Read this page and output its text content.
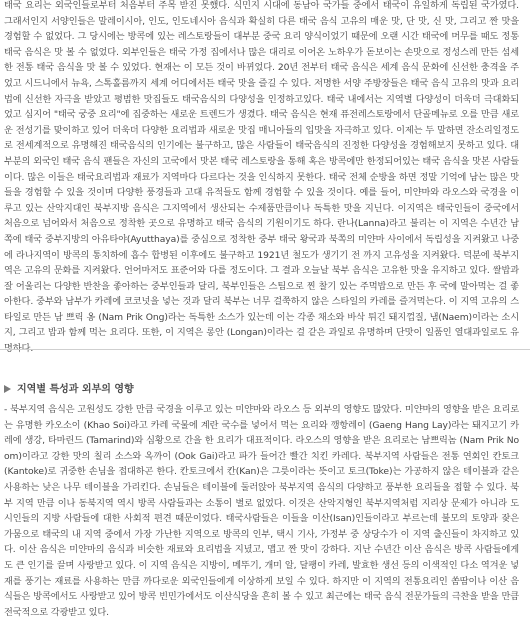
태국 요리는 외국인들로부터 처음부터 주목 받진 못했다. 식민지 시대에 동남아 국가들 중에서 태국이 유일하게 독립된 국가였다. 그래서인지 서양인들은 말레이시아, 인도, 인도네시아 음식과 확실히 다른 태국 음식 고유의 매운 맛, 단 맛, 신 맛, 그리고 짠 맛을 경험할 수 없었다. 그 당시에는 방콕에 있는 레스토랑들이 대부분 중국 요리 양식이었기 때문에 오랜 시간 태국에 머무를 때도 정통 태국 음식은 맛 볼 수 없었다. 외부인들은 태국 가정 집에서나 많은 대리로 이어온 노하우가 돋보이는 손맛으로 정성스레 만든 섬세한 전통 태국 음식을 맛 볼 수 있었다. 현재는 이 모든 것이 바뀌었다. 20년 전부터 태국 음식은 세계 음식 문화에 신선한 충격을 주었고 시드니에서 뉴욕, 스톡홀름까지 세계 어디에서든 태국 맛을 즐길 수 있다. 저명한 서양 주방장들은 태국 음식 고유의 맛과 요리법에 신선한 자극을 받았고 평범한 맛집들도 태국음식의 다양성을 인정하고있다. 태국 내에서는 지역별 다양성이 더욱더 극대화되었고 심지어 "태국 궁중 요리"에 집중하는 새로운 트렌드가 생겼다. 태국 음식은 현재 퓨전레스토랑에서 단골메뉴로 오를 만큼 새로운 전성기를 맞이하고 있어 더욱더 다양한 요리법과 새로운 맛집 매니아들의 입맛을 자극하고 있다. 이제는 두 말하면 잔소리일정도로 전세계적으로 유명해진 태국음식의 인기에는 불구하고, 많은 사람들이 태국음식의 진정한 다양성을 경험해보지 못하고 있다. 대부분의 외국인 태국 음식 팬들은 자신의 고국에서 맛본 태국 레스토랑을 통해 혹은 방콕에만 한정되어있는 태국 음식을 맛본 사람들이다. 많은 이들은 태국요리법과 재료가 지역마다 다르다는 것을 인식하지 못한다. 태국 전체 순방을 하면 정말 기억에 남는 많은 맛들을 경험할 수 있을 것이며 다양한 풍경들과 고대 유적들도 함께 경험할 수 있을 것이다. 예를 들어, 미얀마와 라오스와 국경을 이루고 있는 산악지대인 북부지방 음식은 그지역에서 생산되는 수제품만큼이나 독특한 맛을 지닌다. 이지역은 태국인들이 중국에서 처음으로 넘어와서 처음으로 정착한 곳으로 유명하고 태국 음식의 기원이기도 하다. 란나(Lanna)라고 불리는 이 지역은 수년간 남쪽에 태국 중부지방의 아유타야(Ayutthaya)를 중심으로 정착한 중부 태국 왕국과 북쪽의 미얀마 사이에서 독립성을 지켜왔고 나중에 라나지역이 방콕의 통치하에 흡수 합병된 이후에도 불구하고 1921년 철도가 생기기 전 까지 고유성을 지켜왔다. 덕분에 북부지역은 고유의 문화를 지켜왔다. 언어마저도 표준어와 다를 정도이다. 그 결과 오늘날 북부 음식은 고유한 맛을 유지하고 있다. 쌀밥과 잘 어울리는 다양한 반찬을 좋아하는 중부인들과 달리, 북부인들은 스팀으로 찐 찰기 있는 주먹밥으로 만든 후 국에 말아먹는 걸 좋아한다. 중부와 남부가 카레에 코코넛을 넣는 것과 달리 북부는 너무 걸쭉하지 않은 스타일의 카레를 즐겨먹는다. 이 지역 고유의 스타일로 만든 남 쁘릭 옹 (Nam Prik Ong)라는 독특한 소스가 있는데 이는 각종 채소와 바삭 튀긴 돼지껍질, 냄(Naem)이라는 소시지, 그리고 밥과 함께 먹는 요리다. 또한, 이 지역은 롱안 (Longan)이라는 걸 같은 과일로 유명하며 단맛이 일품인 열대과일로도 유

지역별 특성과 외부의 영향

- 북부지역 음식은 고원성도 강한 만큼 국경을 이루고 있는 미얀마와 라오스 등 외부의 영향도 많았다. 미얀마의 영향을 받은 요리로는 유명한 카오소이 (Khao Soi)라고 카레 국물에 계란 국수를 넣어서 먹는 요리와 깽항레이 (Gaeng Hang Lay)라는 돼지고기 카레에 생강, 타마린드 (Tamarind)와 심황으로 간을 한 요리가 대표적이다. 라오스의 영향을 받은 요리로는 남쁘릭놈 (Nam Prik Noom)이라고 강한 맛의 칠리 소스와 옥까이 (Ook Gai)라고 파가 들어간 빨간 치킨 카레다. 북부지역 사람들은 전통 연회인 칸토크 (Kantoke)로 귀중한 손님을 접대하곤 한다. 칸토크에서 칸(Kan)은 그릇이라는 뜻이고 토크(Toke)는 가공하지 않은 테이블과 같은 사용하는 낮은 나무 테이블을 가리킨다. 손님들은 테이블에 둘러앉아 북부지역 음식의 다양하고 풍부한 요리들을 접할 수 있다. 북부 지역 만큼 이나 동북지역 역시 방콕 사람들과는 소통이 별로 없었다. 이것은 산악지형인 북부지역처럼 지리상 문제가 아니라 도시인들의 지방 사람들에 대한 사회적 편견 때문이었다. 태국사람들은 이들을 이산(Isan)인들이라고 부르는데 불모의 토양과 잦은 가뭄으로 태국의 내 지역 중에서 가장 가난한 지역으로 방콕의 인부, 택시 기사, 가정부 중 상당수가 이 지역 출신들이 차지하고 있다. 이산 음식은 미얀마의 음식과 비슷한 재료와 요리법을 지녔고, 맵고 짠 맛이 강하다. 지난 수년간 이산 음식은 방콕 사람들에게도 큰 인기를 끌며 사랑받고 있다. 이 지역 음식은 지방이, 메뚜기, 개미 알, 달팽이 카레, 발효한 생선 등의 이색적인 다소 역겨운 넣재를 풍기는 재료를 사용하는 만큼 까다로운 외국인들에게 이상하게 보일 수 있다. 하지만 이 지역의 전통요리인 쏨땀이나 이산 음식들은 방콕에서도 사랑받고 있어 방콕 빈민가에서도 이산식당을 흔히 볼 수 있고 최근에는 태국 음식 전문가들의 극찬을 받을 만큼 전국적으로 각광받고 있다.
